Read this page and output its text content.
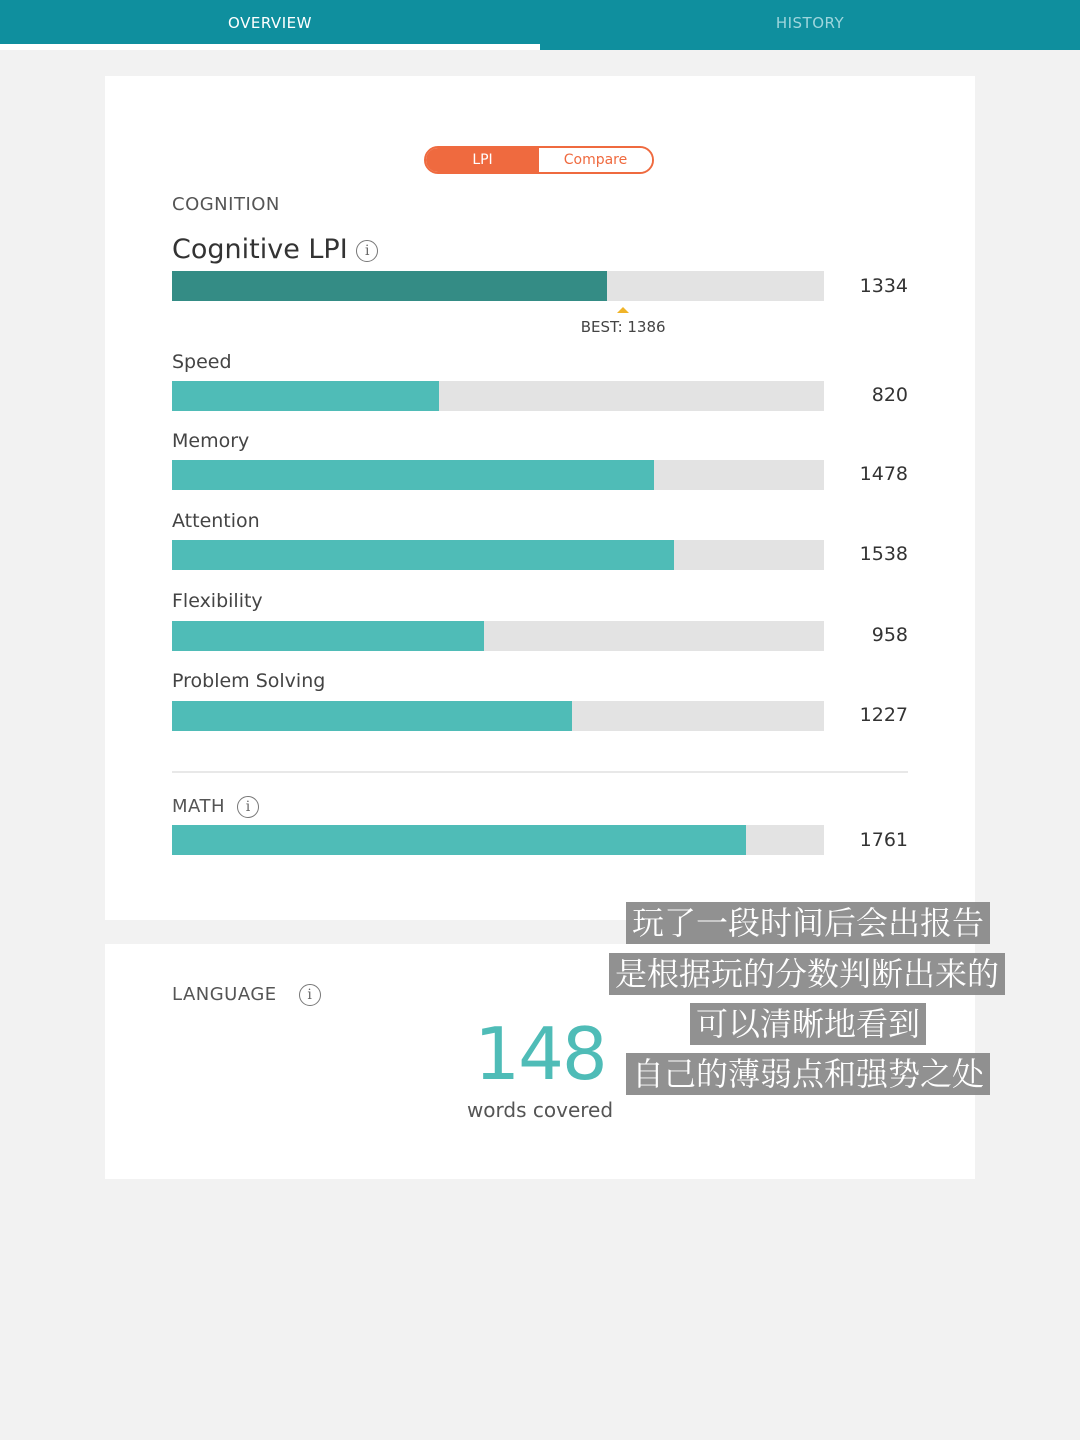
OVERVIEW	HISTORY
LPI	Compare
COGNITION
Cognitive LPI i
1334
BEST: 1386
Speed
820
Memory
1478
Attention
1538
Flexibility
958
Problem Solving
1227
MATH i
1761
LANGUAGE i
148
words covered
玩了一段时间后会出报告
是根据玩的分数判断出来的
可以清晰地看到
自己的薄弱点和强势之处
